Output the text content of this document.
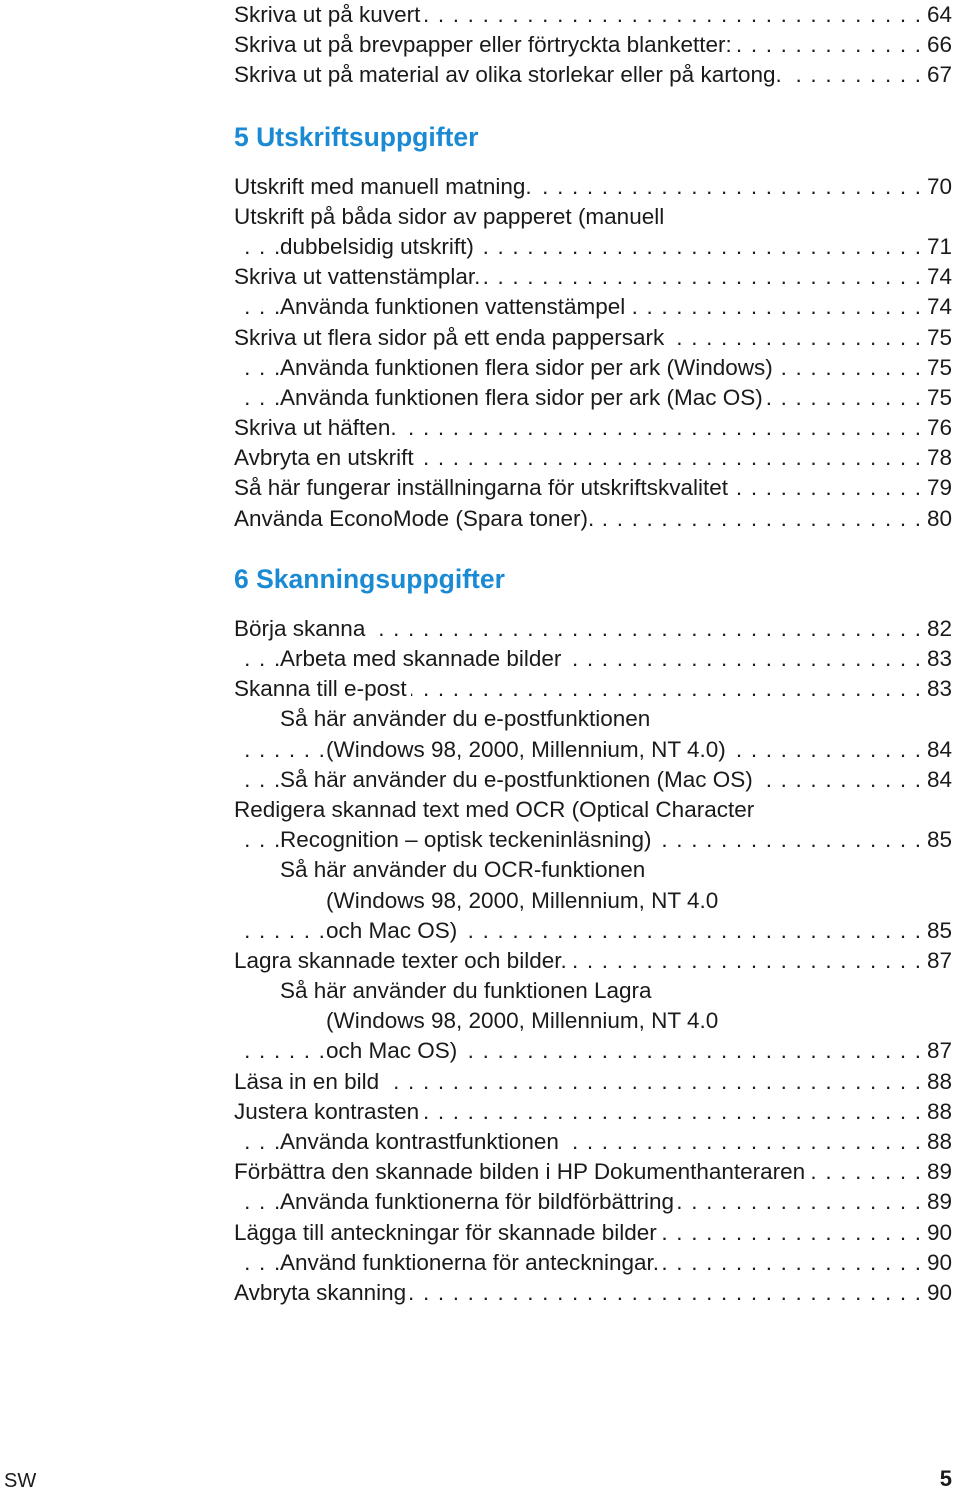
. . . Skriva ut på kuvert	64
. . . Skriva ut på brevpapper eller förtryckta blanketter:	66
. . . Skriva ut på material av olika storlekar eller på kartong.	67
5 Utskriftsuppgifter
. . . Utskrift med manuell matning.	70
Utskrift på båda sidor av papperet (manuell
. . . dubbelsidig utskrift)	71
. . . Skriva ut vattenstämplar.	74
. . . Använda funktionen vattenstämpel	74
. . . Skriva ut flera sidor på ett enda pappersark	75
. . . Använda funktionen flera sidor per ark (Windows)	75
. . . Använda funktionen flera sidor per ark (Mac OS)	75
. . . Skriva ut häften.	76
. . . Avbryta en utskrift	78
. . . Så här fungerar inställningarna för utskriftskvalitet	79
. . . Använda EconoMode (Spara toner).	80
6 Skanningsuppgifter
. . . Börja skanna	82
. . . Arbeta med skannade bilder	83
. . . Skanna till e-post	83
Så här använder du e-postfunktionen
. . . (Windows 98, 2000, Millennium, NT 4.0)	84
. . . Så här använder du e-postfunktionen (Mac OS)	84
Redigera skannad text med OCR (Optical Character
. . . Recognition – optisk teckeninläsning)	85
Så här använder du OCR-funktionen
(Windows 98, 2000, Millennium, NT 4.0
. . . och Mac OS)	85
. . . Lagra skannade texter och bilder.	87
Så här använder du funktionen Lagra
(Windows 98, 2000, Millennium, NT 4.0
. . . och Mac OS)	87
. . . Läsa in en bild	88
. . . Justera kontrasten	88
. . . Använda kontrastfunktionen	88
. . . Förbättra den skannade bilden i HP Dokumenthanteraren	89
. . . Använda funktionerna för bildförbättring	89
. . . Lägga till anteckningar för skannade bilder	90
. . . Använd funktionerna för anteckningar.	90
. . . Avbryta skanning	90
SW	5
